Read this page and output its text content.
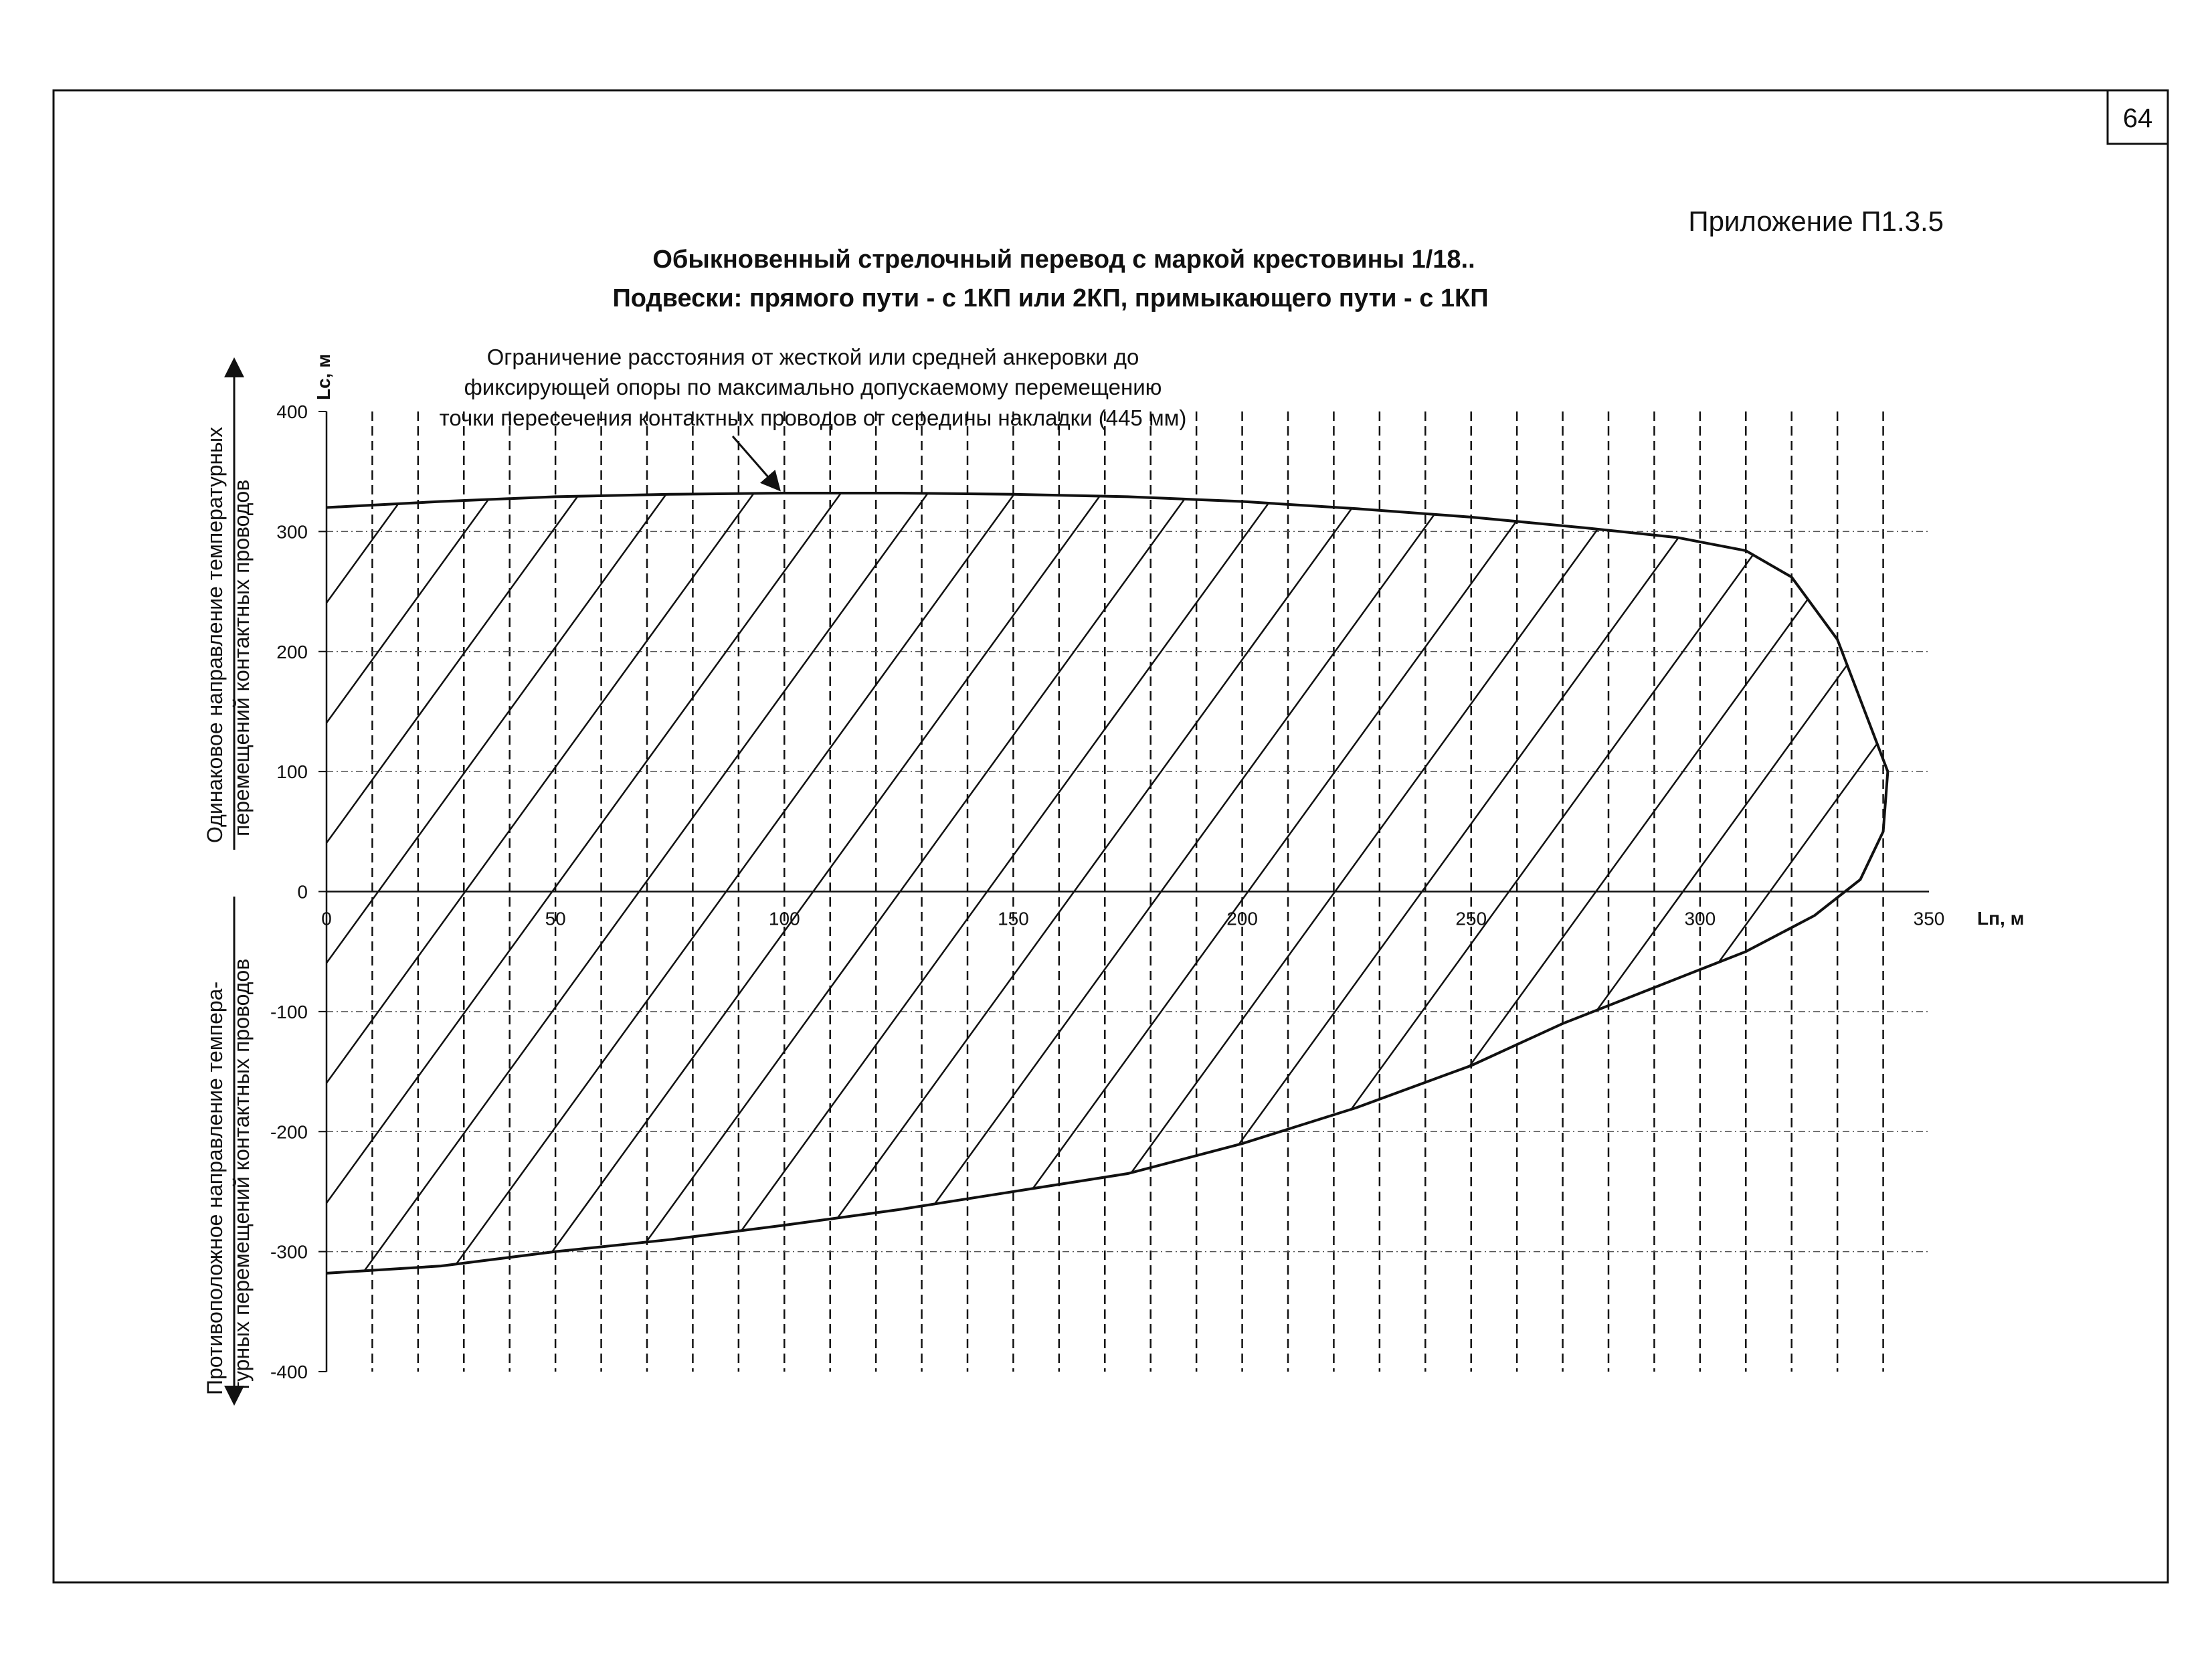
64
Приложение П1.3.5
Обыкновенный стрелочный перевод с маркой крестовины 1/18..
Подвески: прямого пути - с 1КП или 2КП, примыкающего пути - с 1КП
Ограничение расстояния от жесткой или средней анкеровки до
фиксирующей опоры по максимально допускаемому перемещению
точки пересечения контактных проводов от середины накладки (445 мм)
Одинаковое направление температурных перемещений контактных проводов
Противоположное направление темпера- турных перемещений контактных проводов
Lc, м
Lп, м
0	50	100	150	200	250	300	350
400
300
200
100
0
-100
-200
-300
-400
